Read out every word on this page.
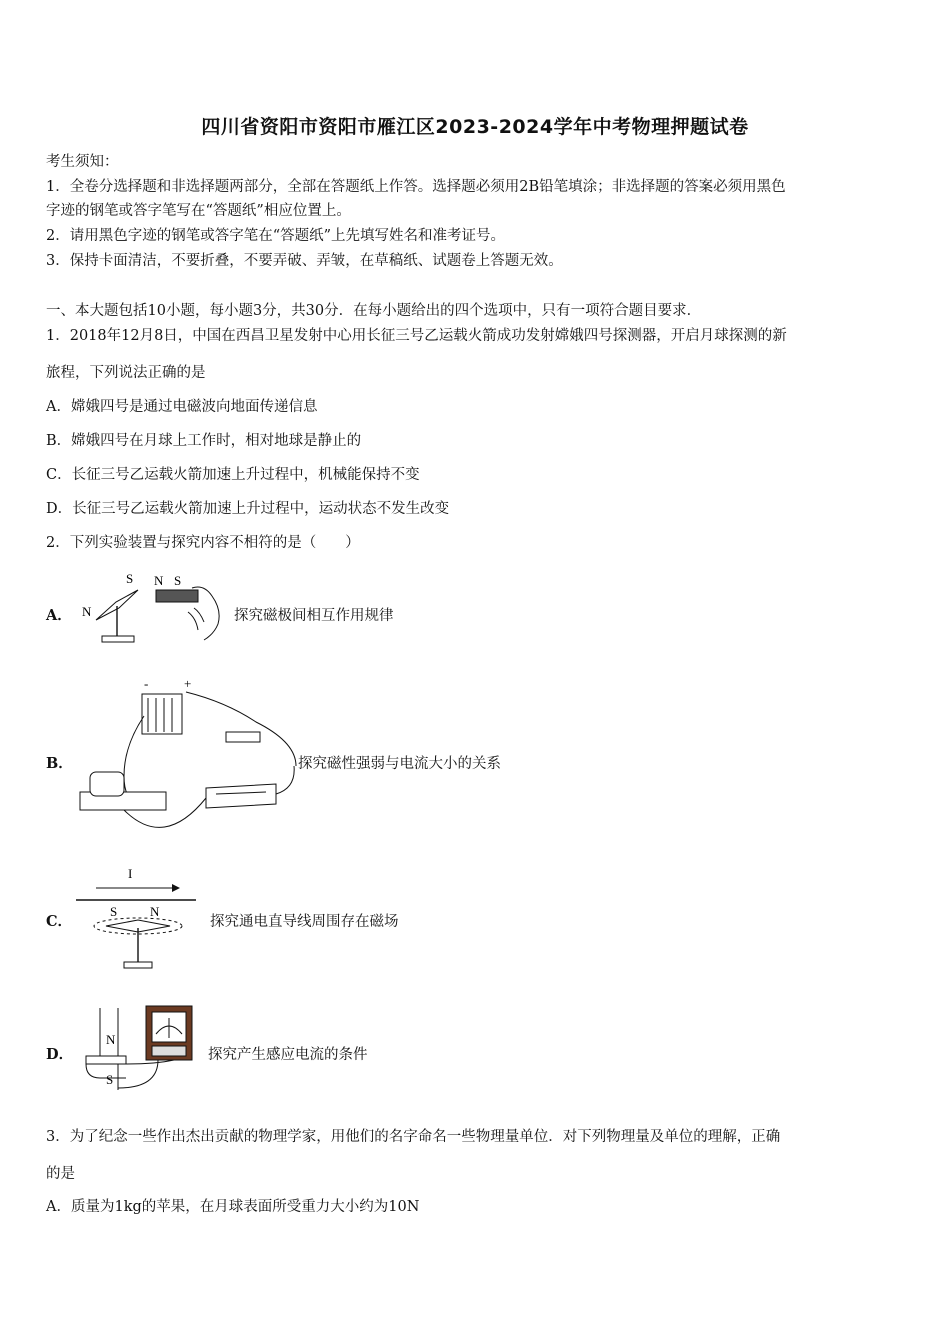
四川省资阳市资阳市雁江区2023-2024学年中考物理押题试卷
考生须知：
1．全卷分选择题和非选择题两部分，全部在答题纸上作答。选择题必须用2B铅笔填涂；非选择题的答案必须用黑色
字迹的钢笔或答字笔写在“答题纸”相应位置上。
2．请用黑色字迹的钢笔或答字笔在“答题纸”上先填写姓名和准考证号。
3．保持卡面清洁，不要折叠，不要弄破、弄皱，在草稿纸、试题卷上答题无效。
一、本大题包括10小题，每小题3分，共30分．在每小题给出的四个选项中，只有一项符合题目要求．
1．2018年12月8日，中国在西昌卫星发射中心用长征三号乙运载火箭成功发射嫦娥四号探测器，开启月球探测的新
旅程，下列说法正确的是
A．嫦娥四号是通过电磁波向地面传递信息
B．嫦娥四号在月球上工作时，相对地球是静止的
C．长征三号乙运载火箭加速上升过程中，机械能保持不变
D．长征三号乙运载火箭加速上升过程中，运动状态不发生改变
2．下列实验装置与探究内容不相符的是（　　）
A． N
S N S
探究磁极间相互作用规律
B．
-	+
探究磁性强弱与电流大小的关系
C．
I
S	N
探究通电直导线周围存在磁场
D．
N
S
探究产生感应电流的条件
3．为了纪念一些作出杰出贡献的物理学家，用他们的名字命名一些物理量单位．对下列物理量及单位的理解，正确
的是
A．质量为1kg的苹果，在月球表面所受重力大小约为10N
